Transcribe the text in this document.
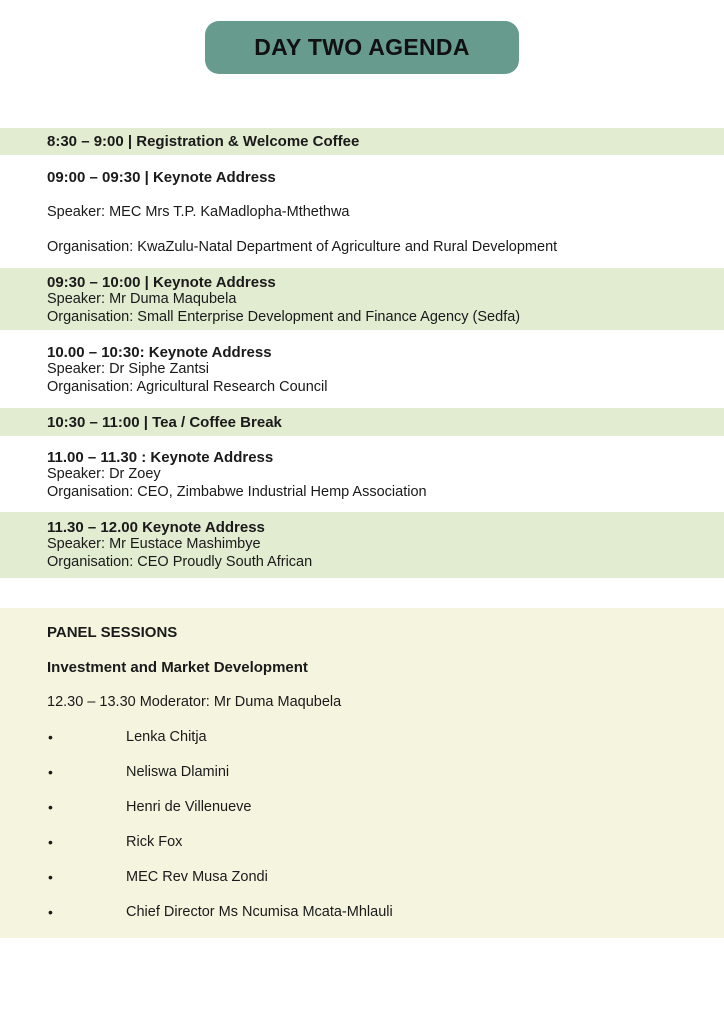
DAY TWO AGENDA
8:30 – 9:00 | Registration & Welcome Coffee
09:00 – 09:30 | Keynote Address
Speaker: MEC Mrs T.P. KaMadlopha-Mthethwa
Organisation: KwaZulu-Natal Department of Agriculture and Rural Development
09:30 – 10:00 | Keynote Address
Speaker: Mr Duma Maqubela
Organisation: Small Enterprise Development and Finance Agency (Sedfa)
10.00 – 10:30: Keynote Address
Speaker: Dr Siphe Zantsi
Organisation: Agricultural Research Council
10:30 – 11:00 | Tea / Coffee Break
11.00 – 11.30 : Keynote Address
Speaker: Dr Zoey
Organisation: CEO, Zimbabwe Industrial Hemp Association
11.30 – 12.00 Keynote Address
Speaker: Mr Eustace Mashimbye
Organisation: CEO Proudly South African
PANEL SESSIONS
Investment and Market Development
12.30 – 13.30 Moderator: Mr Duma Maqubela
•	Lenka Chitja
•	Neliswa Dlamini
•	Henri de Villenueve
•	Rick Fox
•	MEC Rev Musa Zondi
•	Chief Director Ms Ncumisa Mcata-Mhlauli
